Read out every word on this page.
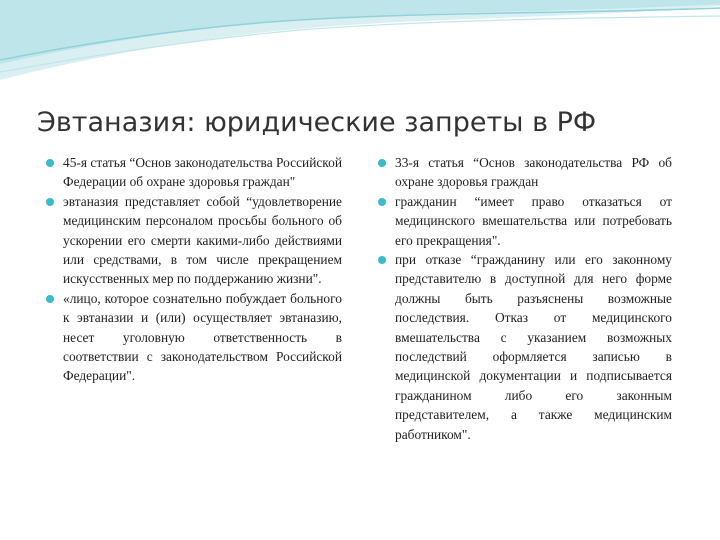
Эвтаназия: юридические запреты в РФ
45-я статья “Основ законодательства Российской Федерации об охране здоровья граждан"
эвтаназия представляет собой “удовлетворение медицинским персоналом просьбы больного об ускорении его смерти какими-либо действиями или средствами, в том числе прекращением искусственных мер по поддержанию жизни".
«лицо, которое сознательно побуждает больного к эвтаназии и (или) осуществляет эвтаназию, несет уголовную ответственность в соответствии с законодательством Российской Федерации".
33-я статья “Основ законодательства РФ об охране здоровья граждан
гражданин “имеет право отказаться от медицинского вмешательства или потребовать его прекращения".
при отказе “гражданину или его законному представителю в доступной для него форме должны быть разъяснены возможные последствия. Отказ от медицинского вмешательства с указанием возможных последствий оформляется записью в медицинской документации и подписывается гражданином либо его законным представителем, а также медицинским работником".
